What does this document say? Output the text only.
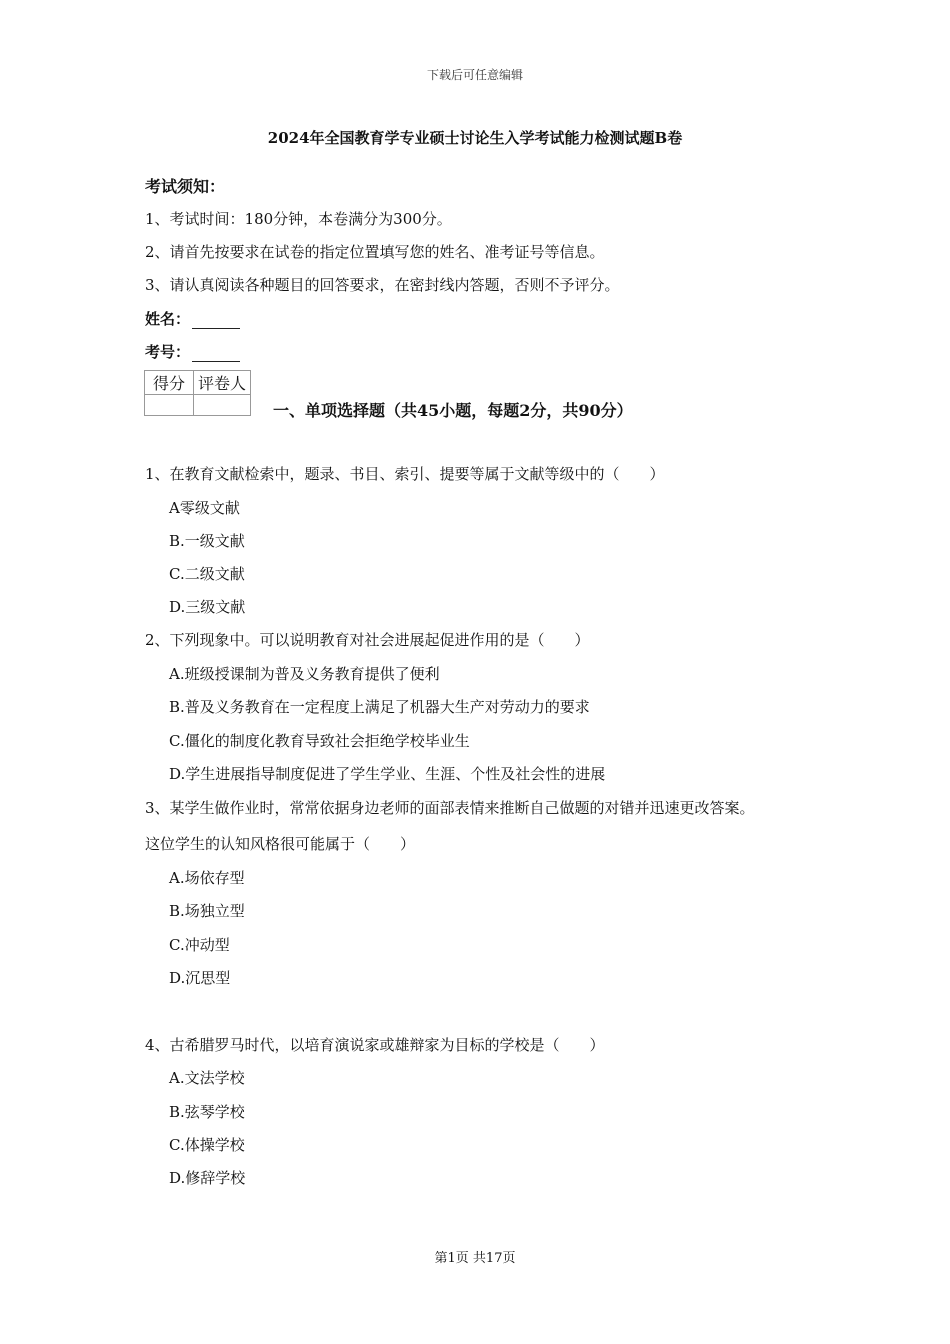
下载后可任意编辑
2024年全国教育学专业硕士讨论生入学考试能力检测试题B卷
考试须知：
1、考试时间：180分钟，本卷满分为300分。
2、请首先按要求在试卷的指定位置填写您的姓名、准考证号等信息。
3、请认真阅读各种题目的回答要求，在密封线内答题，否则不予评分。
姓名：
考号：
得分	评卷人

一、单项选择题（共45小题，每题2分，共90分）
1、在教育文献检索中，题录、书目、索引、提要等属于文献等级中的（　　）
A零级文献
B.一级文献
C.二级文献
D.三级文献
2、下列现象中。可以说明教育对社会进展起促进作用的是（　　）
A.班级授课制为普及义务教育提供了便利
B.普及义务教育在一定程度上满足了机器大生产对劳动力的要求
C.僵化的制度化教育导致社会拒绝学校毕业生
D.学生进展指导制度促进了学生学业、生涯、个性及社会性的进展
3、某学生做作业时，常常依据身边老师的面部表情来推断自己做题的对错并迅速更改答案。
这位学生的认知风格很可能属于（　　）
A.场依存型
B.场独立型
C.冲动型
D.沉思型
4、古希腊罗马时代，以培育演说家或雄辩家为目标的学校是（　　）
A.文法学校
B.弦琴学校
C.体操学校
D.修辞学校
第1页 共17页
